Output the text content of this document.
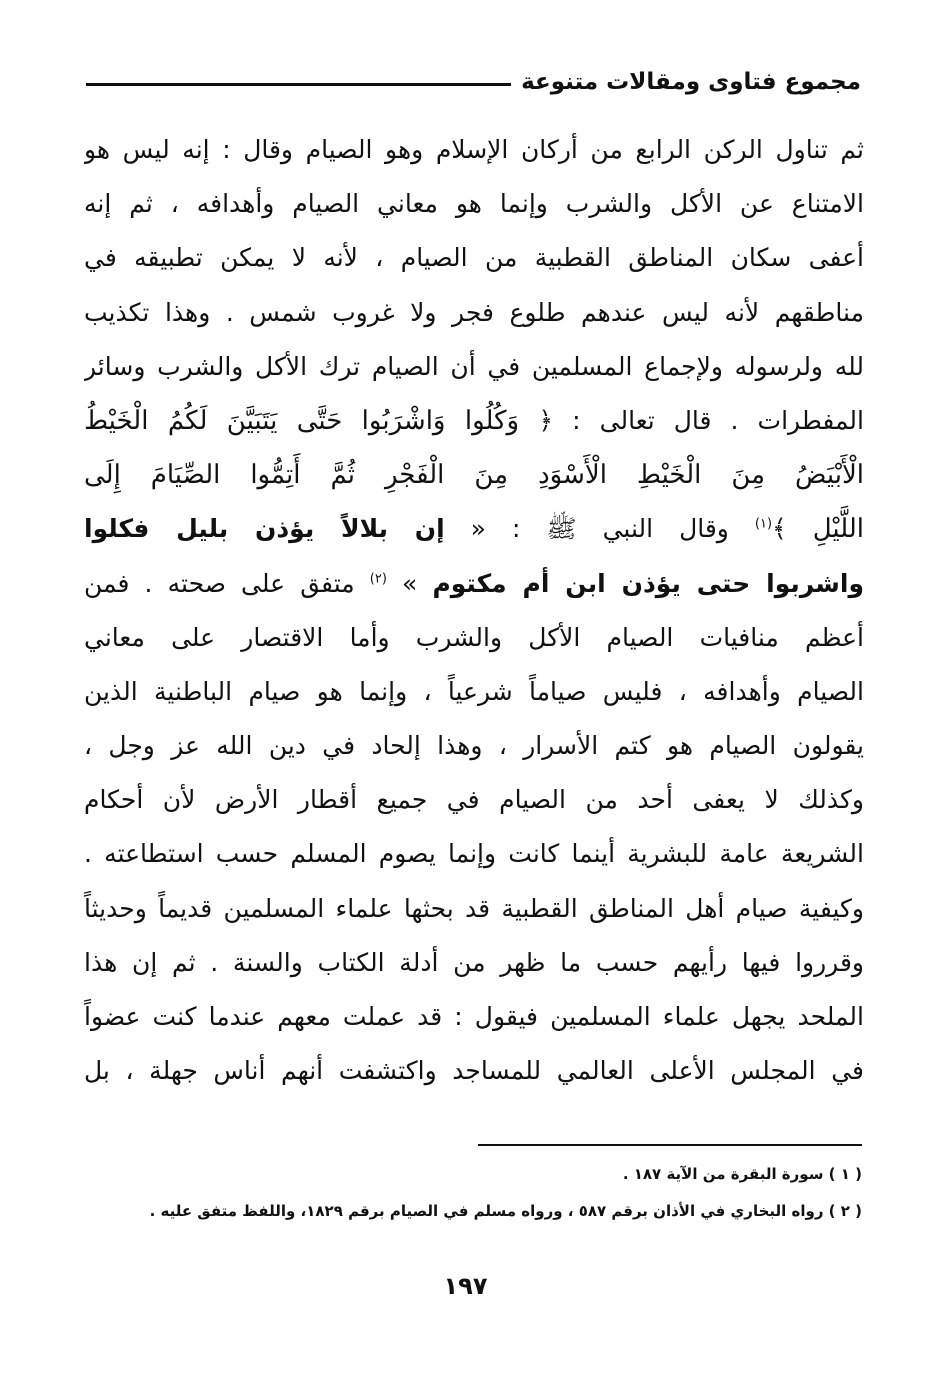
مجموع فتاوى ومقالات متنوعة
ثم تناول الركن الرابع من أركان الإسلام وهو الصيام وقال : إنه ليس هو
الامتناع عن الأكل والشرب وإنما هو معاني الصيام وأهدافه ، ثم إنه
أعفى سكان المناطق القطبية من الصيام ، لأنه لا يمكن تطبيقه في
مناطقهم لأنه ليس عندهم طلوع فجر ولا غروب شمس . وهذا تكذيب
لله ولرسوله ولإجماع المسلمين في أن الصيام ترك الأكل والشرب وسائر
المفطرات . قال تعالى : ﴿ وَكُلُوا وَاشْرَبُوا حَتَّى يَتَبَيَّنَ لَكُمُ الْخَيْطُ
الْأَبْيَضُ مِنَ الْخَيْطِ الْأَسْوَدِ مِنَ الْفَجْرِ ثُمَّ أَتِمُّوا الصِّيَامَ إِلَى
اللَّيْلِ ﴾$^{(١)}$ وقال النبي ﷺ : « إن بلالاً يؤذن بليل فكلوا
واشربوا حتى يؤذن ابن أم مكتوم » $^{(٢)}$ متفق على صحته . فمن
أعظم منافيات الصيام الأكل والشرب وأما الاقتصار على معاني
الصيام وأهدافه ، فليس صياماً شرعياً ، وإنما هو صيام الباطنية الذين
يقولون الصيام هو كتم الأسرار ، وهذا إلحاد في دين الله عز وجل ،
وكذلك لا يعفى أحد من الصيام في جميع أقطار الأرض لأن أحكام
الشريعة عامة للبشرية أينما كانت وإنما يصوم المسلم حسب استطاعته .
وكيفية صيام أهل المناطق القطبية قد بحثها علماء المسلمين قديماً وحديثاً
وقرروا فيها رأيهم حسب ما ظهر من أدلة الكتاب والسنة . ثم إن هذا
الملحد يجهل علماء المسلمين فيقول : قد عملت معهم عندما كنت عضواً
في المجلس الأعلى العالمي للمساجد واكتشفت أنهم أناس جهلة ، بل
( ١ ) سورة البقرة من الآية ١٨٧ .
( ٢ ) رواه البخاري في الأذان برقم ٥٨٧ ، ورواه مسلم في الصيام برقم ١٨٢٩، واللفظ متفق عليه .
١٩٧
